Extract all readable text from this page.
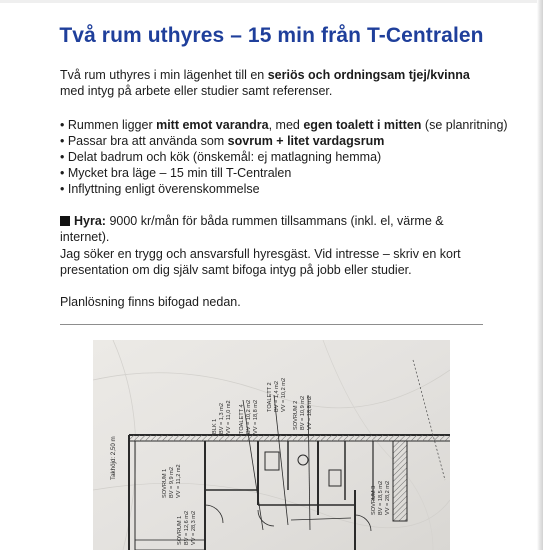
Två rum uthyres – 15 min från T-Centralen

Två rum uthyres i min lägenhet till en seriös och ordningsam tjej/kvinna med intyg på arbete eller studier samt referenser.

• Rummen ligger mitt emot varandra, med egen toalett i mitten (se planritning)
• Passar bra att använda som sovrum + litet vardagsrum
• Delat badrum och kök (önskemål: ej matlagning hemma)
• Mycket bra läge – 15 min till T-Centralen
• Inflyttning enligt överenskommelse

Hyra: 9000 kr/mån för båda rummen tillsammans (inkl. el, värme & internet).

Jag söker en trygg och ansvarsfull hyresgäst. Vid intresse – skriv en kort presentation om dig själv samt bifoga intyg på jobb eller studier.

Planlösning finns bifogad nedan.

SOVRUM 1 BV = 9,9 m2 VV = 11,2 m2
TOALETT 2 BV = 1,4 m2 VV = 10,2 m2
SOVRUM 2 BV = 10,9 m2 VV = 18,8 m2
TOALETT 4 BV = 10,2 m2 VV = 18,8 m2
BLK 1 BV = 1,3 m2 VV = 11,0 m2
SOVRUM 3 BV = 18,5 m2 VV = 28,2 m2
SOVRUM 1 BV = 12,6 m2 VV = 28,3 m2
Takhöjd: 2,50 m
